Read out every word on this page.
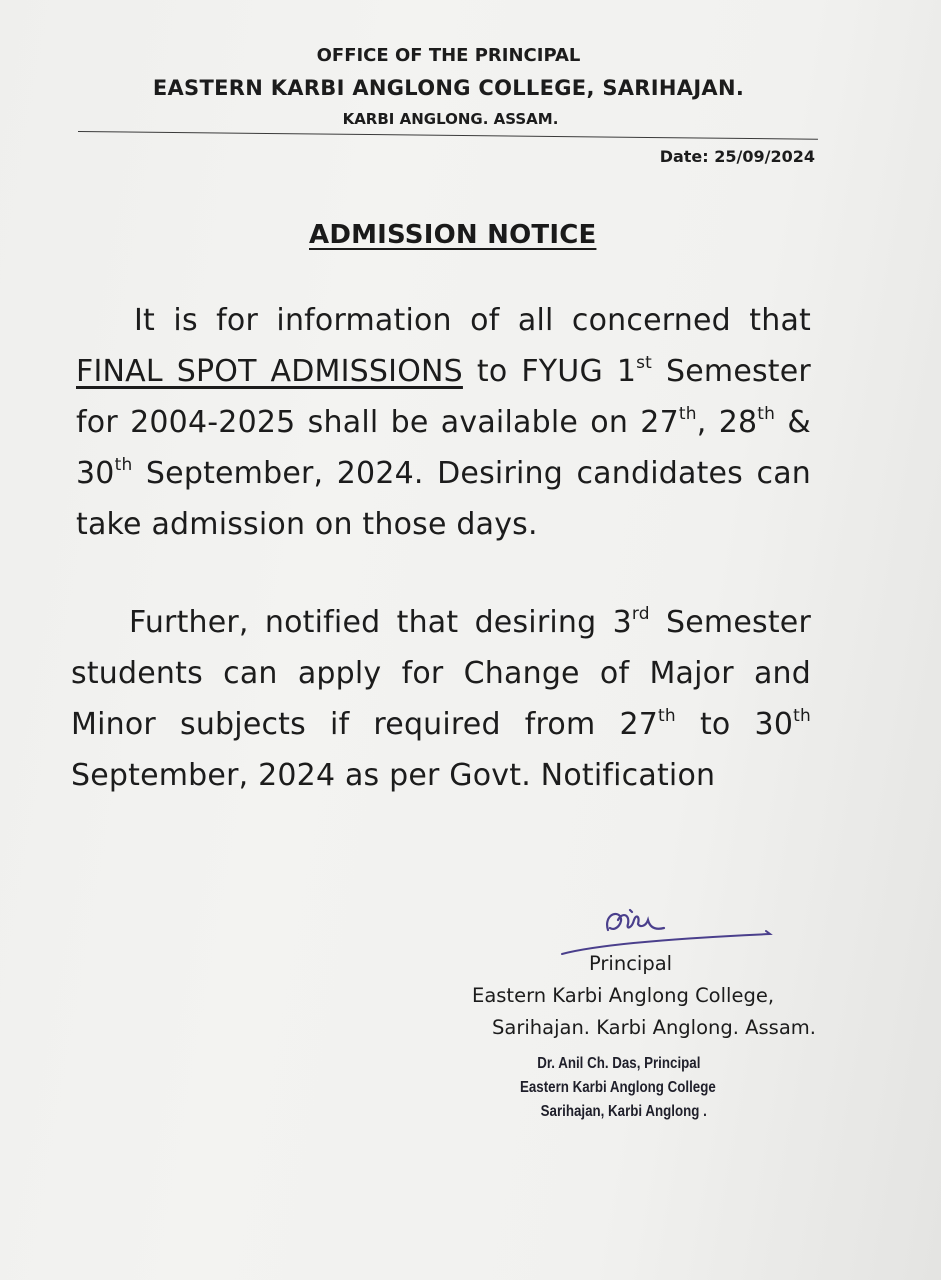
OFFICE OF THE PRINCIPAL
EASTERN KARBI ANGLONG COLLEGE, SARIHAJAN.
KARBI ANGLONG. ASSAM.
Date: 25/09/2024
ADMISSION NOTICE
It is for information of all concerned that FINAL SPOT ADMISSIONS to FYUG 1st Semester for 2004-2025 shall be available on 27th, 28th & 30th September, 2024. Desiring candidates can take admission on those days.
Further, notified that desiring 3rd Semester students can apply for Change of Major and Minor subjects if required from 27th to 30th September, 2024 as per Govt. Notification
Principal
Eastern Karbi Anglong College,
Sarihajan. Karbi Anglong. Assam.
Dr. Anil Ch. Das, Principal
Eastern Karbi Anglong College
Sarihajan, Karbi Anglong .
